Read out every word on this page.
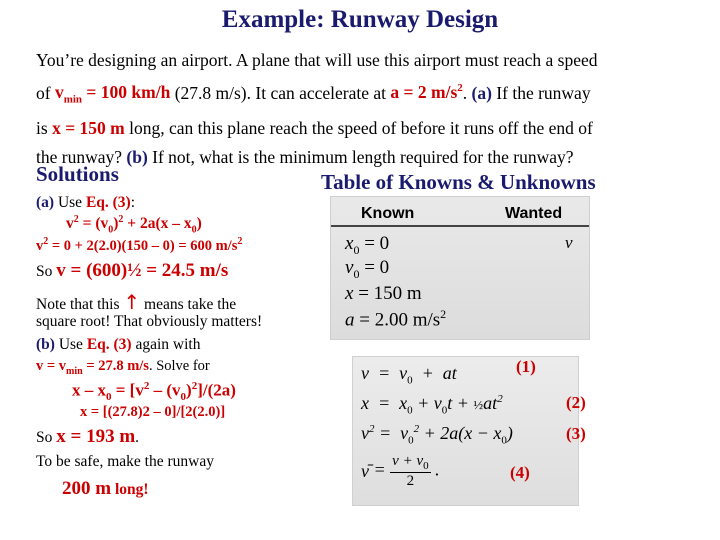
Example: Runway Design
You’re designing an airport. A plane that will use this airport must reach a speed
of $v_{min} = 100$ km/h (27.8 m/s). It can accelerate at a = 2 $m/s^2$. (a) If the runway
is x = 150 m long, can this plane reach the speed of before it runs off the end of
the runway? (b) If not, what is the minimum length required for the runway?
Solutions	Table of Knowns & Unknowns
(a) Use Eq. (3):
$v^2 = (v_0)^2 + 2a(x - x_0)$
$v^2 = 0 + 2(2.0)(150 - 0) = 600$ $m/s^2$
So v = (600)½ = 24.5 m/s
Note that this ↑ means take the
square root! That obviously matters!
(b) Use Eq. (3) again with
$v = v_{min} = 27.8$ m/s. Solve for
$x - x_0 = [v^2 - (v_0)^2]/(2a)$
x = [(27.8)2 – 0]/[2(2.0)]
So x = 193 m.
To be safe, make the runway
200 m long!
Known	Wanted
$x_0 = 0$
$v_0 = 0$
x = 150 m
a = 2.00 $m/s^2$
v
$v = v_0$  +  at
$x = x_0 + v_0t$ + $\frac{1}{2}at^2$
$v^2 = v_0^2 + 2a(x - x_0)$
v̄ = $\frac{v + v_0}{2}$ .
(1)
(2)
(3)
(4)
